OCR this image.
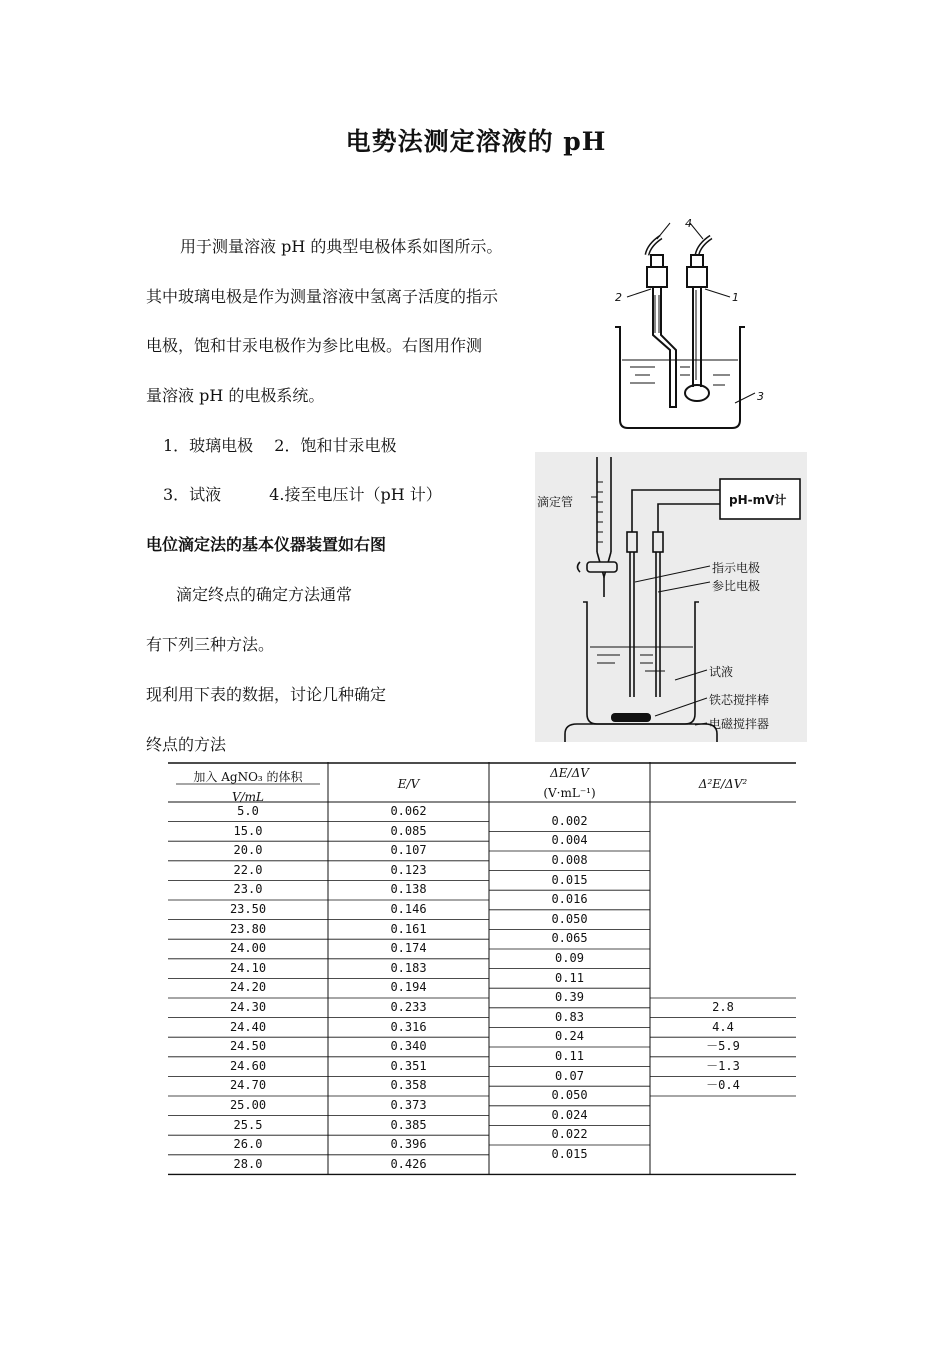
电势法测定溶液的 pH
用于测量溶液 pH 的典型电极体系如图所示。
其中玻璃电极是作为测量溶液中氢离子活度的指示
电极，饱和甘汞电极作为参比电极。右图用作测
量溶液 pH 的电极系统。
1．玻璃电极　 2．饱和甘汞电极
3．试液　　　4.接至电压计（pH 计）
电位滴定法的基本仪器装置如右图
滴定终点的确定方法通常
有下列三种方法。
现利用下表的数据，讨论几种确定
终点的方法
4
2	1
3
滴定管	pH-mV计
指示电极
参比电极
试液
铁芯搅拌棒
电磁搅拌器
加入 AgNO₃ 的体积
V/mL
E/V
ΔE/ΔV
(V·mL⁻¹)
Δ²E/ΔV²
5.0
15.0
20.0
22.0
23.0
23.50
23.80
24.00
24.10
24.20
24.30
24.40
24.50
24.60
24.70
25.00
25.5
26.0
28.0
0.062
0.085
0.107
0.123
0.138
0.146
0.161
0.174
0.183
0.194
0.233
0.316
0.340
0.351
0.358
0.373
0.385
0.396
0.426
0.002
0.004
0.008
0.015
0.016
0.050
0.065
0.09
0.11
0.39
0.83
0.24
0.11
0.07
0.050
0.024
0.022
0.015
2.8
4.4
－5.9
－1.3
－0.4
